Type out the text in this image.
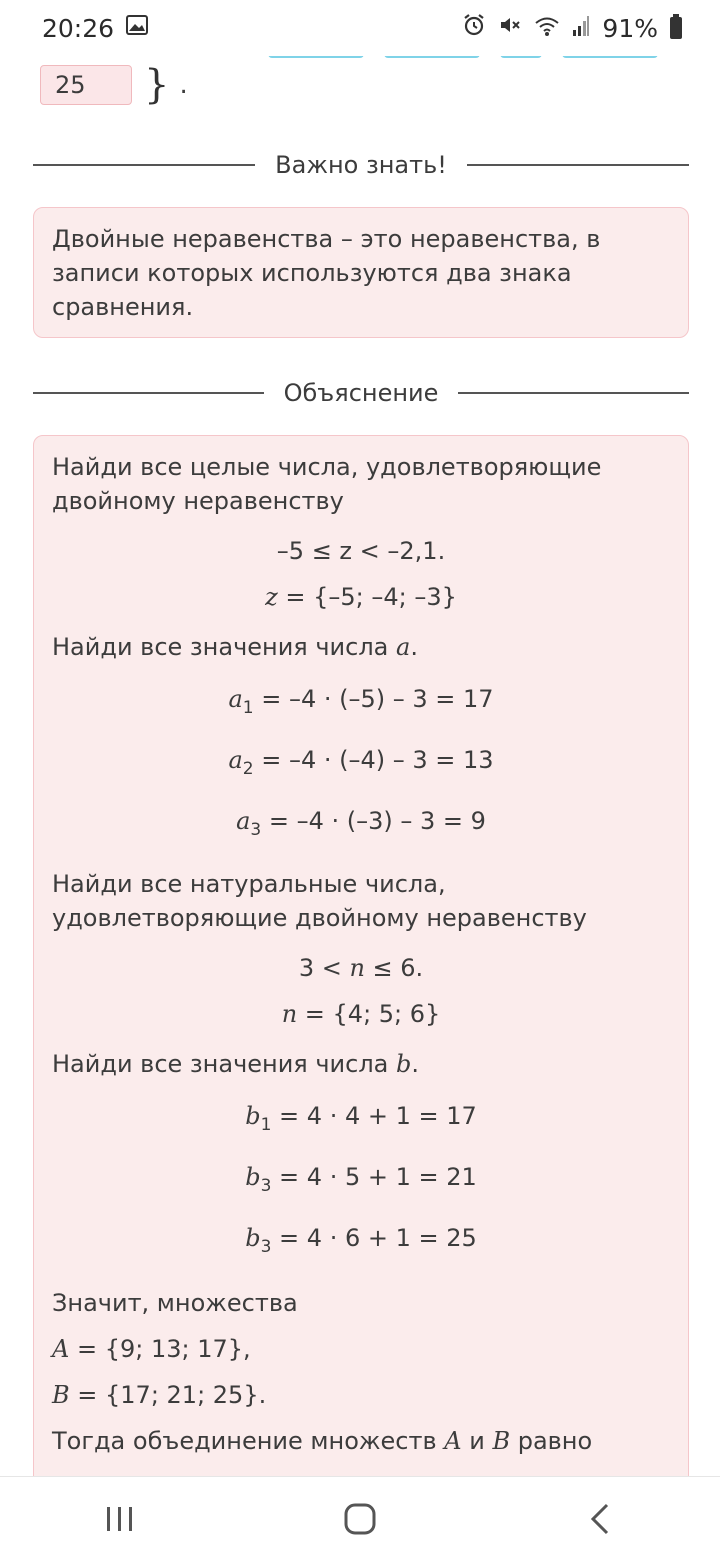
20:26	91%
25	} .
Важно знать!

Двойные неравенства – это неравенства, в записи которых используются два знака сравнения.

Объяснение

Найди все целые числа, удовлетворяющие двойному неравенству

–5 ≤ z < –2,1.
z = {–5; –4; –3}

Найди все значения числа a.

$a_1 = -4 \cdot (-5) - 3 = 17$
$a_2 = -4 \cdot (-4) - 3 = 13$
$a_3 = -4 \cdot (-3) - 3 = 9$

Найди все натуральные числа, удовлетворяющие двойному неравенству

3 < n ≤ 6.
n = {4; 5; 6}

Найди все значения числа b.

$b_1 = 4 \cdot 4 + 1 = 17$
$b_3 = 4 \cdot 5 + 1 = 21$
$b_3 = 4 \cdot 6 + 1 = 25$

Значит, множества

A = {9; 13; 17},

B = {17; 21; 25}.

Тогда объединение множеств A и B равно
